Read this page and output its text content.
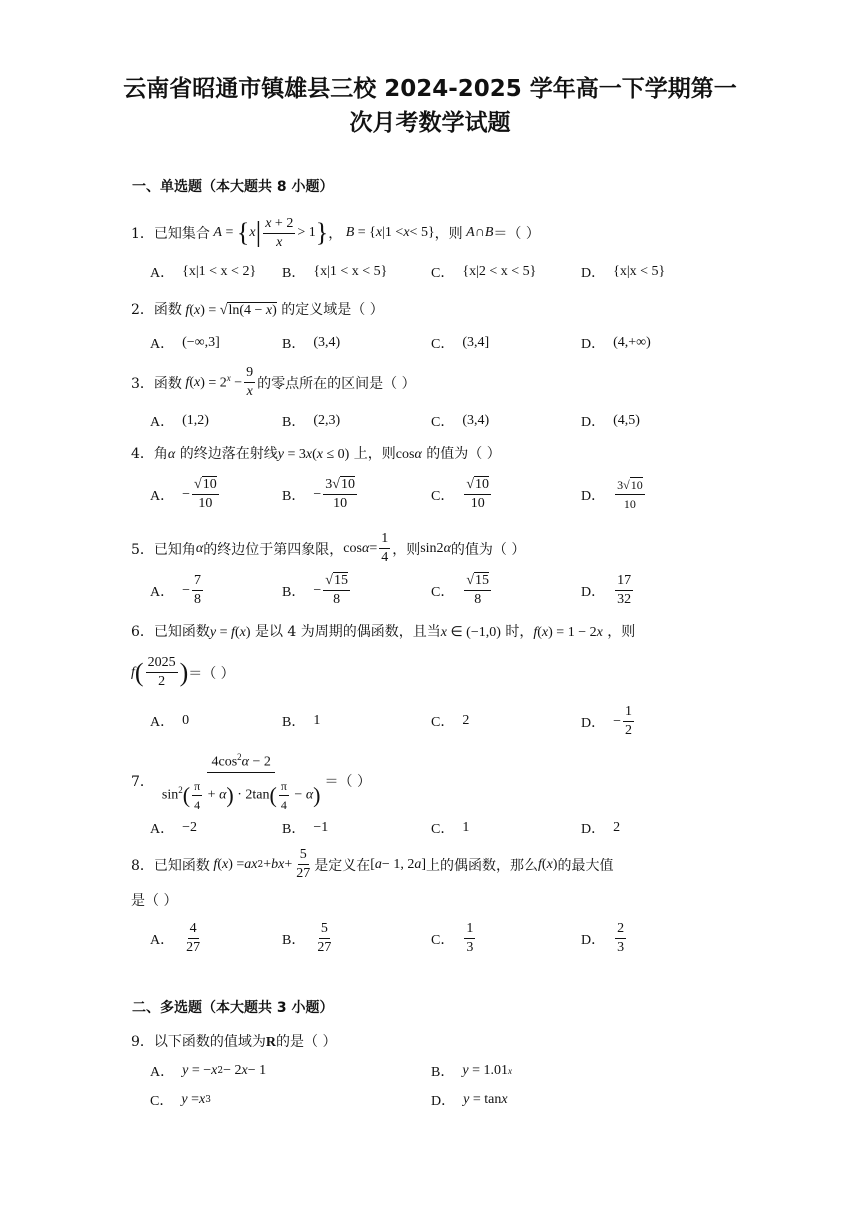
云南省昭通市镇雄县三校 2024-2025 学年高一下学期第一
次月考数学试题
一、单选题（本大题共 8 小题）
1．已知集合 A = { x | $\frac{x + 2}{x} > 1$ } ， B = { x |1 < x < 5} ，则 A ∩ B ＝（ ）
A． {x|1 < x < 2} B． {x|1 < x < 5}	C． {x|2 < x < 5}	D． {x|x < 5}
2．函数 f(x) = √ln(4 − x) 的定义域是（ ）
A． (−∞,3]	B． (3,4)	C． (3,4]	D． (4,+∞)
3．函数 f ( x ) = $2^x - \frac{9}{x}$ 的零点所在的区间是（ ）
A． (1,2)	B． (2,3)	C． (3,4)	D． (4,5)
4．角α 的终边落在射线y = 3x(x ≤ 0) 上，则cosα 的值为（ ）
A． − $\frac{√10}{10}$	B． − $\frac{3√10}{10}$	C． $\frac{√10}{10}$	D． $\frac{3√10}{10}$
5．已知角 α 的终边位于第四象限， $\cos \alpha = \frac{1}{4}$ ，则 sin2 α 的值为（ ）
A． − $\frac{7}{8}$	B． − $\frac{√15}{8}$	C． $\frac{√15}{8}$	D． $\frac{17}{32}$
6．已知函数y = f(x) 是以 4 为周期的偶函数，且当x ∈ (−1,0) 时，f(x) = 1 − 2x ，则
f ( $\frac{2025}{2}$ ) ＝（ ）
A． 0	B． 1	C． 2	D． − $\frac{1}{2}$
7． $\frac{4\cos^2\alpha - 2}{\sin^2( \frac{\pi}{4} + \alpha) \cdot 2\tan( \frac{\pi}{4} - \alpha)}$ ＝（ ）
A． −2	B． −1	C． 1	D． 2
8．已知函数 f ( x ) = ax 2 + bx + $\frac{5}{27}$ 是定义在 [ a − 1, 2 a ] 上的偶函数，那么 f ( x ) 的最大值
是（ ）
A． $\frac{4}{27}$	B． $\frac{5}{27}$	C． $\frac{1}{3}$	D． $\frac{2}{3}$
二、多选题（本大题共 3 小题）
9．以下函数的值域为R的是（ ）
A． y = − x 2 − 2 x − 1	B． y = 1.01 x
C． y = x 3	D． y = tan x
